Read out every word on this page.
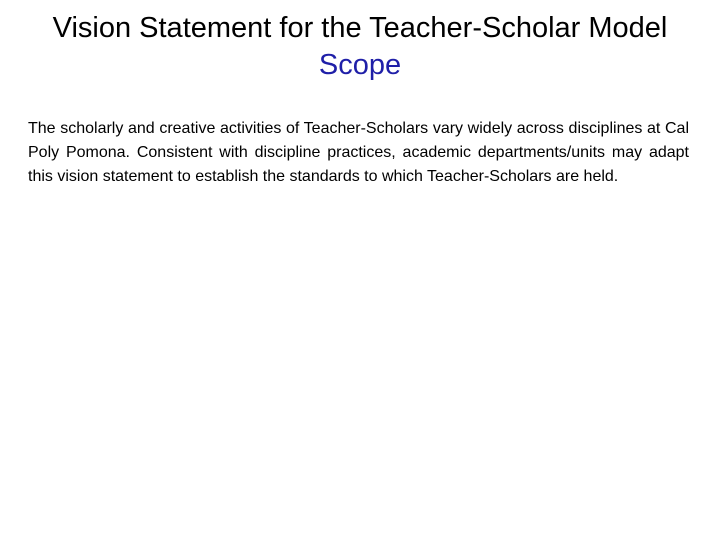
Vision Statement for the Teacher-Scholar Model
Scope

The scholarly and creative activities of Teacher-Scholars vary widely across disciplines at Cal Poly Pomona. Consistent with discipline practices, academic departments/units may adapt this vision statement to establish the standards to which Teacher-Scholars are held.
